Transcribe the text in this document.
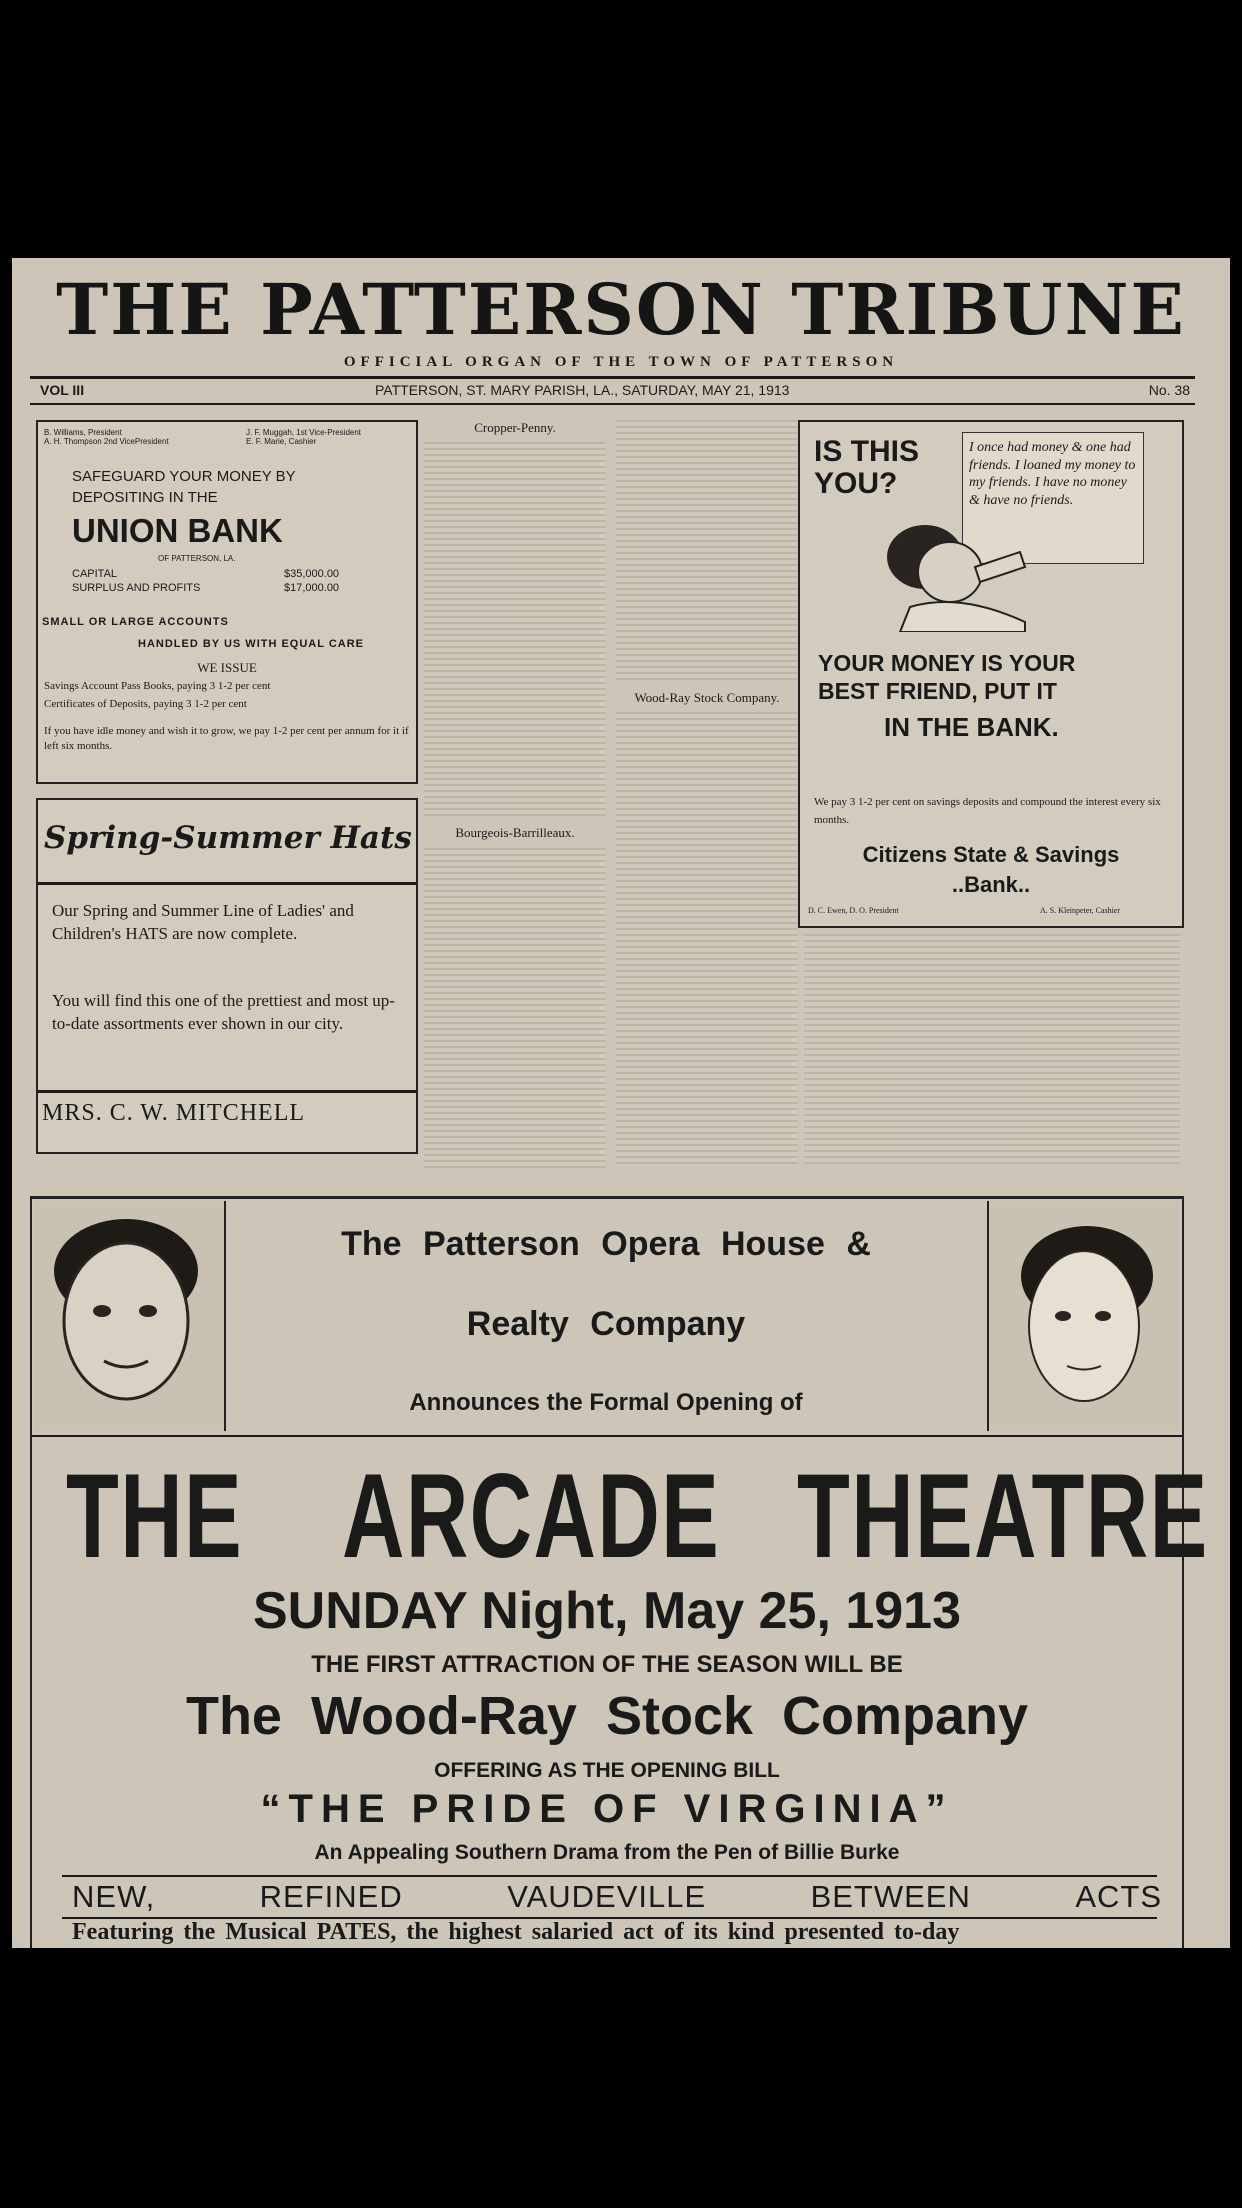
THE PATTERSON TRIBUNE
OFFICIAL ORGAN OF THE TOWN OF PATTERSON
VOL III	PATTERSON, ST. MARY PARISH, LA., SATURDAY, MAY 21, 1913	No. 38
B. Williams, President
A. H. Thompson 2nd VicePresident
J. F. Muggah, 1st Vice-President
E. F. Marie, Cashier
SAFEGUARD YOUR MONEY BY DEPOSITING IN THE
UNION BANK
OF PATTERSON, LA.
CAPITAL	$35,000.00
SURPLUS AND PROFITS	$17,000.00
SMALL OR LARGE ACCOUNTS
HANDLED BY US WITH EQUAL CARE
WE ISSUE
Savings Account Pass Books, paying 3 1-2 per cent
Certificates of Deposits, paying 3 1-2 per cent
If you have idle money and wish it to grow, we pay 1-2 per cent per annum for it if left six months.
Spring-Summer Hats
Our Spring and Summer Line of Ladies' and Children's HATS are now complete.
You will find this one of the prettiest and most up-to-date assortments ever shown in our city.
MRS. C. W. MITCHELL
Cropper-Penny.
Bourgeois-Barrilleaux.
Wood-Ray Stock Company.
IS THIS YOU?
I once had money & one had friends. I loaned my money to my friends. I have no money & have no friends.
YOUR MONEY IS YOUR
BEST FRIEND, PUT IT
IN THE BANK.
We pay 3 1-2 per cent on savings deposits and compound the interest every six months.
Citizens State & Savings
..Bank..
D. C. Ewen, D. O. President	A. S. Kleinpeter, Cashier
The Patterson Opera House &
Realty Company
Announces the Formal Opening of
THE ARCADE THEATRE
SUNDAY Night, May 25, 1913
THE FIRST ATTRACTION OF THE SEASON WILL BE
The Wood-Ray Stock Company
OFFERING AS THE OPENING BILL
“THE PRIDE OF VIRGINIA”
An Appealing Southern Drama from the Pen of Billie Burke
NEW,	REFINED	VAUDEVILLE	BETWEEN	ACTS
Featuring the Musical PATES, the highest salaried act of its kind presented to-day
